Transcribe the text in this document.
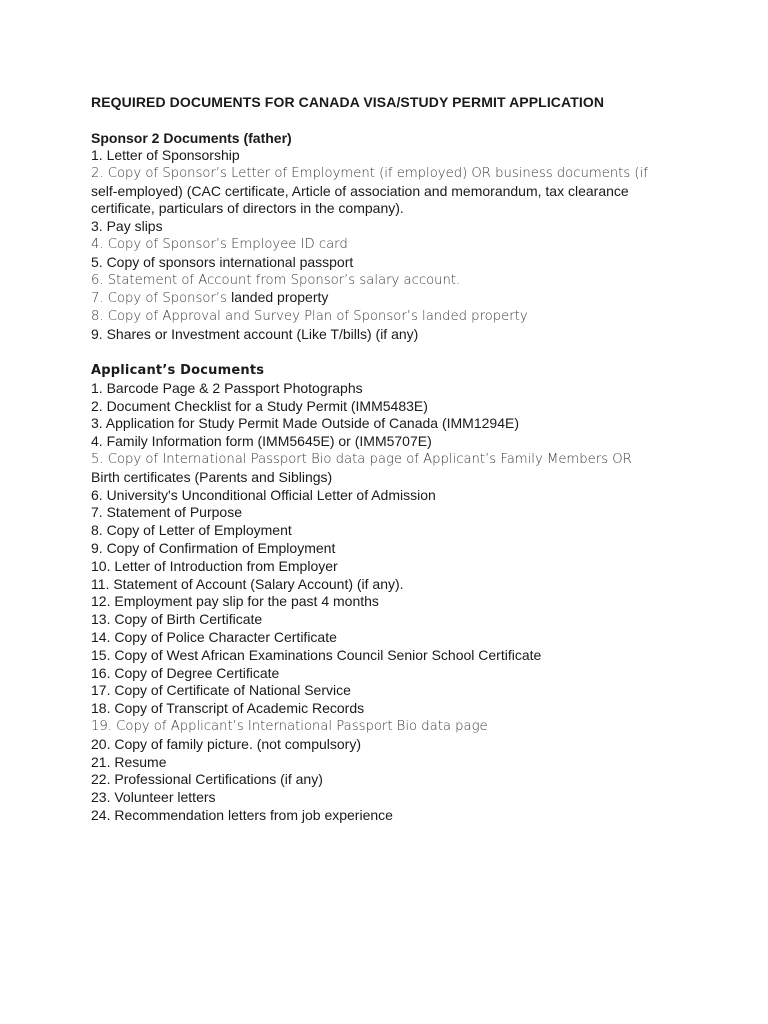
REQUIRED DOCUMENTS FOR CANADA VISA/STUDY PERMIT APPLICATION
Sponsor 2 Documents (father)
1. Letter of Sponsorship
2. Copy of Sponsor’s Letter of Employment (if employed) OR business documents (if
self-employed) (CAC certificate, Article of association and memorandum, tax clearance
certificate, particulars of directors in the company).
3. Pay slips
4. Copy of Sponsor’s Employee ID card
5. Copy of sponsors international passport
6. Statement of Account from Sponsor’s salary account.
7. Copy of Sponsor’s landed property
8. Copy of Approval and Survey Plan of Sponsor’s landed property
9. Shares or Investment account (Like T/bills) (if any)
Applicant’s Documents
1. Barcode Page & 2 Passport Photographs
2. Document Checklist for a Study Permit (IMM5483E)
3. Application for Study Permit Made Outside of Canada (IMM1294E)
4. Family Information form (IMM5645E) or (IMM5707E)
5. Copy of International Passport Bio data page of Applicant’s Family Members OR
Birth certificates (Parents and Siblings)
6. University's Unconditional Official Letter of Admission
7. Statement of Purpose
8. Copy of Letter of Employment
9. Copy of Confirmation of Employment
10. Letter of Introduction from Employer
11. Statement of Account (Salary Account) (if any).
12. Employment pay slip for the past 4 months
13. Copy of Birth Certificate
14. Copy of Police Character Certificate
15. Copy of West African Examinations Council Senior School Certificate
16. Copy of Degree Certificate
17. Copy of Certificate of National Service
18. Copy of Transcript of Academic Records
19. Copy of Applicant’s International Passport Bio data page
20. Copy of family picture. (not compulsory)
21. Resume
22. Professional Certifications (if any)
23. Volunteer letters
24. Recommendation letters from job experience
